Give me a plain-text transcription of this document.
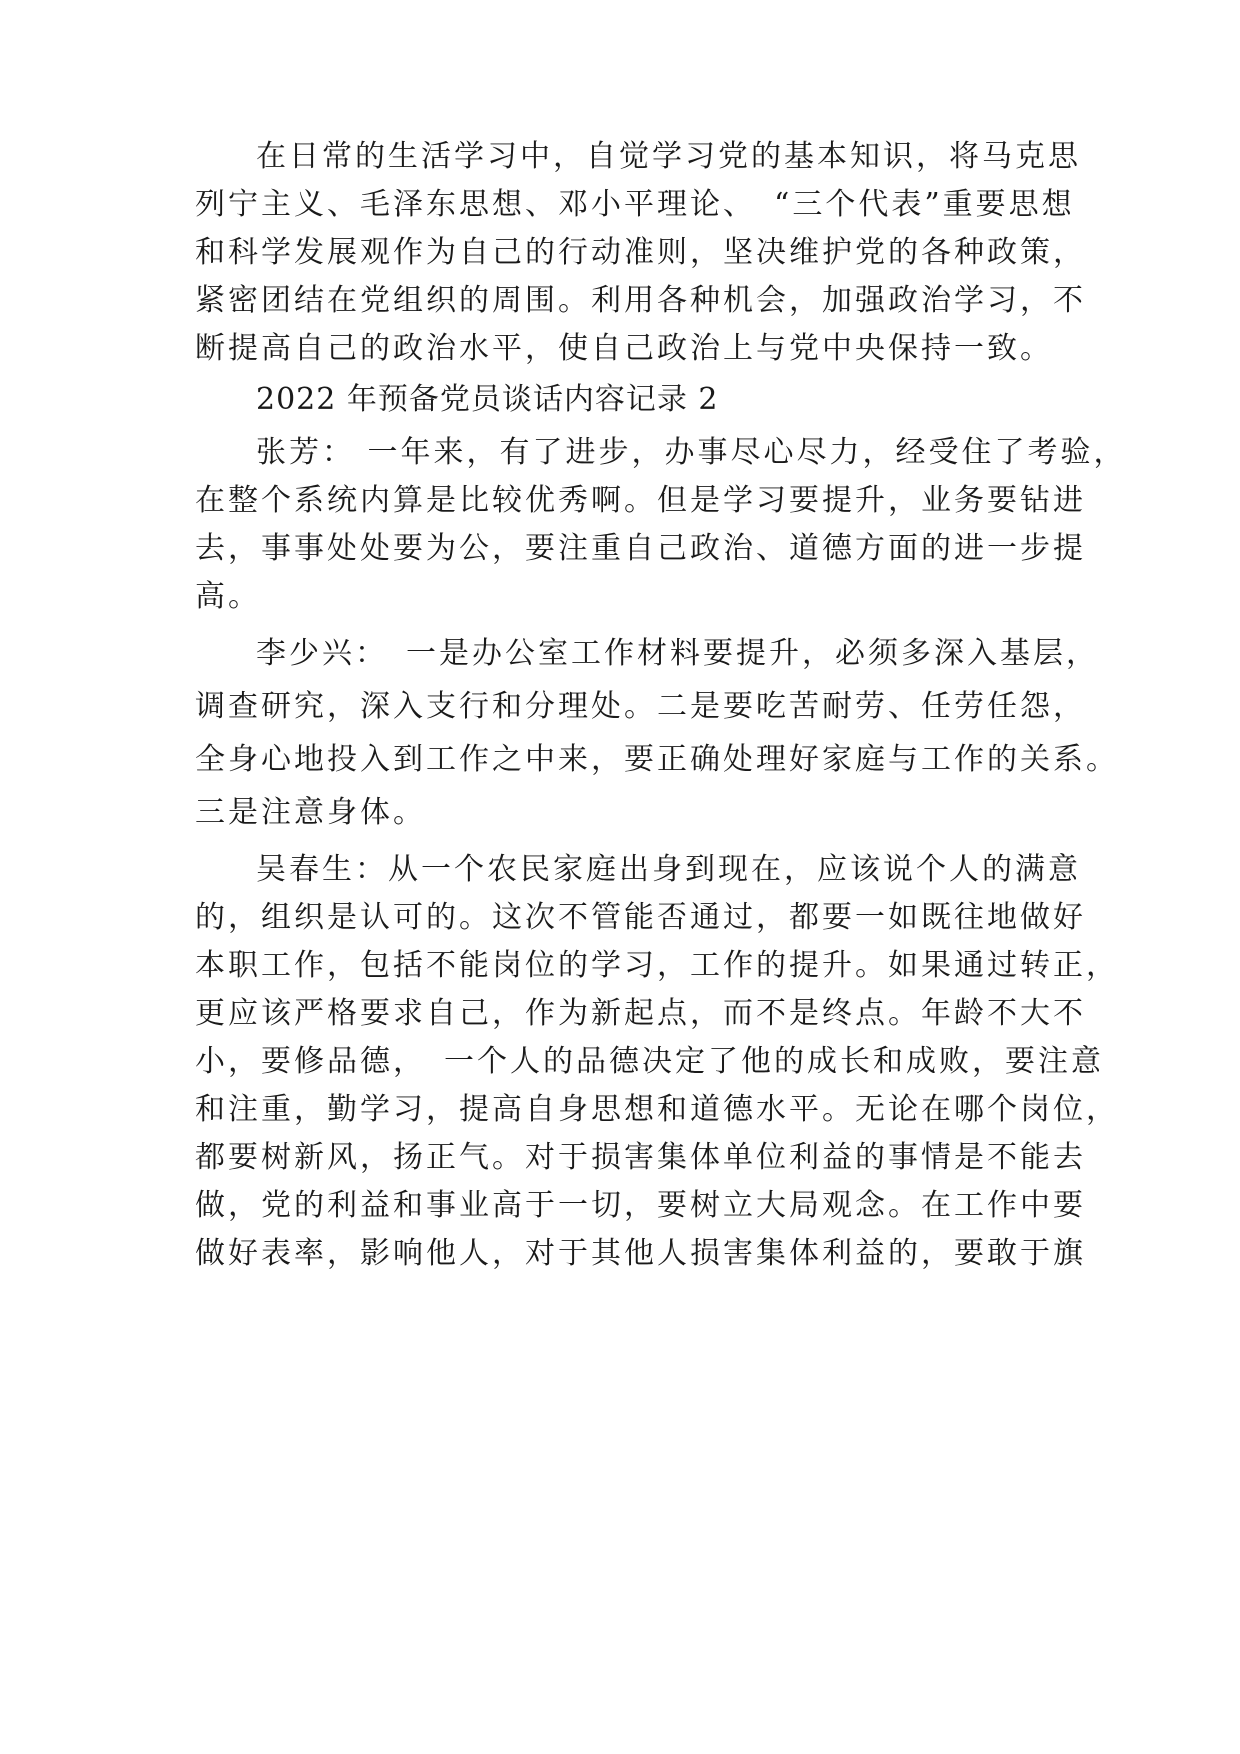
在日常的生活学习中，自觉学习党的基本知识，将马克思
列宁主义、毛泽东思想、邓小平理论、　“三个代表”重要思想
和科学发展观作为自己的行动准则，坚决维护党的各种政策，
紧密团结在党组织的周围。利用各种机会，加强政治学习，不
断提高自己的政治水平，使自己政治上与党中央保持一致。
2022 年预备党员谈话内容记录 2
张芳： 一年来，有了进步，办事尽心尽力，经受住了考验，
在整个系统内算是比较优秀啊。但是学习要提升，业务要钻进
去，事事处处要为公，要注重自己政治、道德方面的进一步提
高。
李少兴：　一是办公室工作材料要提升，必须多深入基层，
调查研究，深入支行和分理处。二是要吃苦耐劳、任劳任怨，
全身心地投入到工作之中来，要正确处理好家庭与工作的关系。
三是注意身体。
吴春生：从一个农民家庭出身到现在，应该说个人的满意
的，组织是认可的。这次不管能否通过，都要一如既往地做好
本职工作，包括不能岗位的学习，工作的提升。如果通过转正，
更应该严格要求自己，作为新起点，而不是终点。年龄不大不
小，要修品德，　一个人的品德决定了他的成长和成败，要注意
和注重，勤学习，提高自身思想和道德水平。无论在哪个岗位，
都要树新风，扬正气。对于损害集体单位利益的事情是不能去
做，党的利益和事业高于一切，要树立大局观念。在工作中要
做好表率，影响他人，对于其他人损害集体利益的，要敢于旗
